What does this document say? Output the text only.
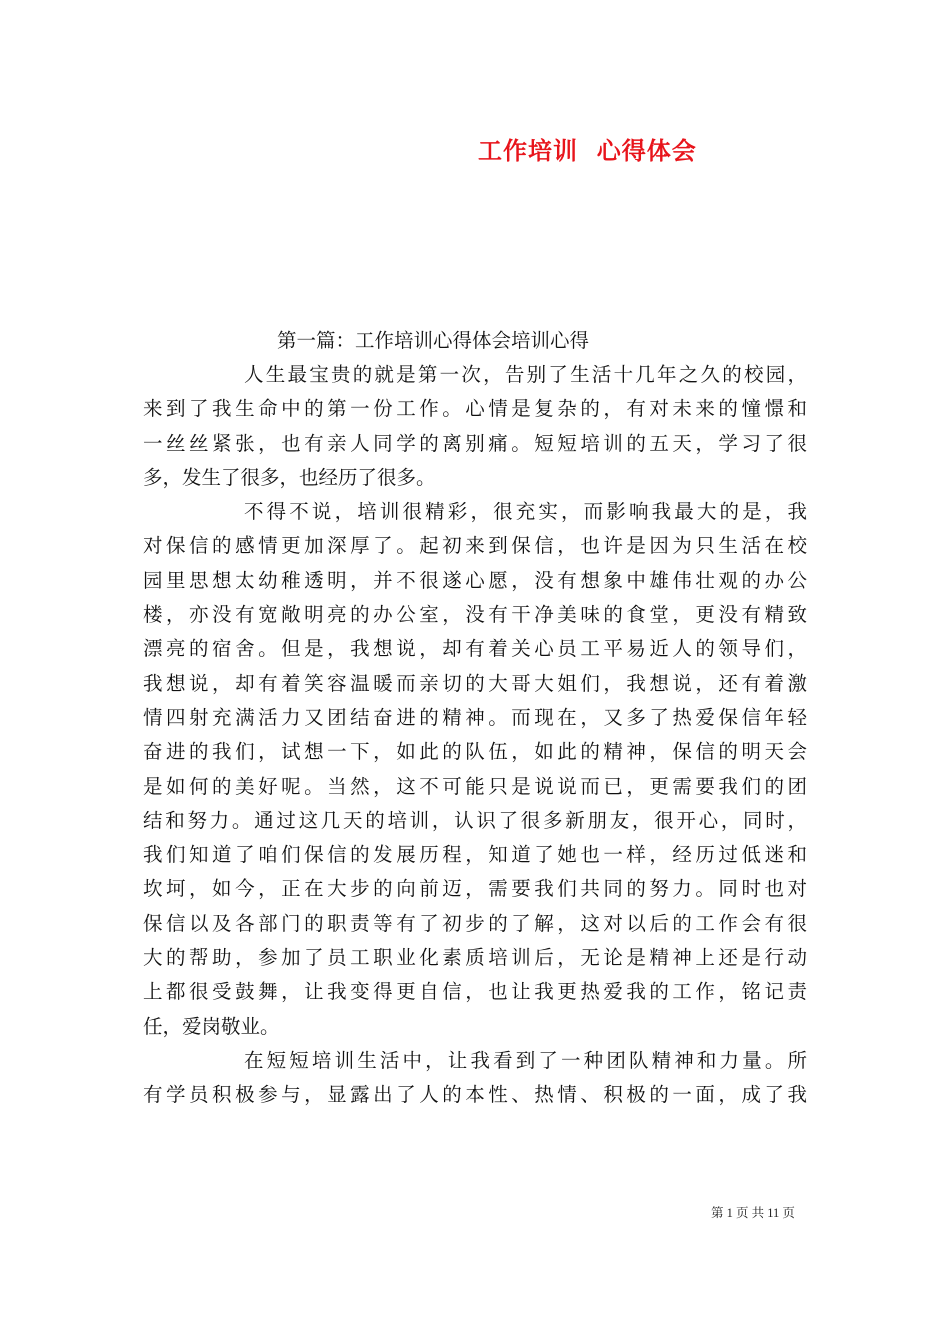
工作培训  心得体会
第一篇：工作培训心得体会培训心得
人生最宝贵的就是第一次，告别了生活十几年之久的校园，
来到了我生命中的第一份工作。心情是复杂的，有对未来的憧憬和
一丝丝紧张，也有亲人同学的离别痛。短短培训的五天，学习了很
多，发生了很多，也经历了很多。
不得不说，培训很精彩，很充实，而影响我最大的是，我
对保信的感情更加深厚了。起初来到保信，也许是因为只生活在校
园里思想太幼稚透明，并不很遂心愿，没有想象中雄伟壮观的办公
楼，亦没有宽敞明亮的办公室，没有干净美味的食堂，更没有精致
漂亮的宿舍。但是，我想说，却有着关心员工平易近人的领导们，
我想说，却有着笑容温暖而亲切的大哥大姐们，我想说，还有着激
情四射充满活力又团结奋进的精神。而现在，又多了热爱保信年轻
奋进的我们，试想一下，如此的队伍，如此的精神，保信的明天会
是如何的美好呢。当然，这不可能只是说说而已，更需要我们的团
结和努力。通过这几天的培训，认识了很多新朋友，很开心，同时，
我们知道了咱们保信的发展历程，知道了她也一样，经历过低迷和
坎坷，如今，正在大步的向前迈，需要我们共同的努力。同时也对
保信以及各部门的职责等有了初步的了解，这对以后的工作会有很
大的帮助，参加了员工职业化素质培训后，无论是精神上还是行动
上都很受鼓舞，让我变得更自信，也让我更热爱我的工作，铭记责
任，爱岗敬业。
在短短培训生活中，让我看到了一种团队精神和力量。所
有学员积极参与，显露出了人的本性、热情、积极的一面，成了我
第 1 页 共 11 页
